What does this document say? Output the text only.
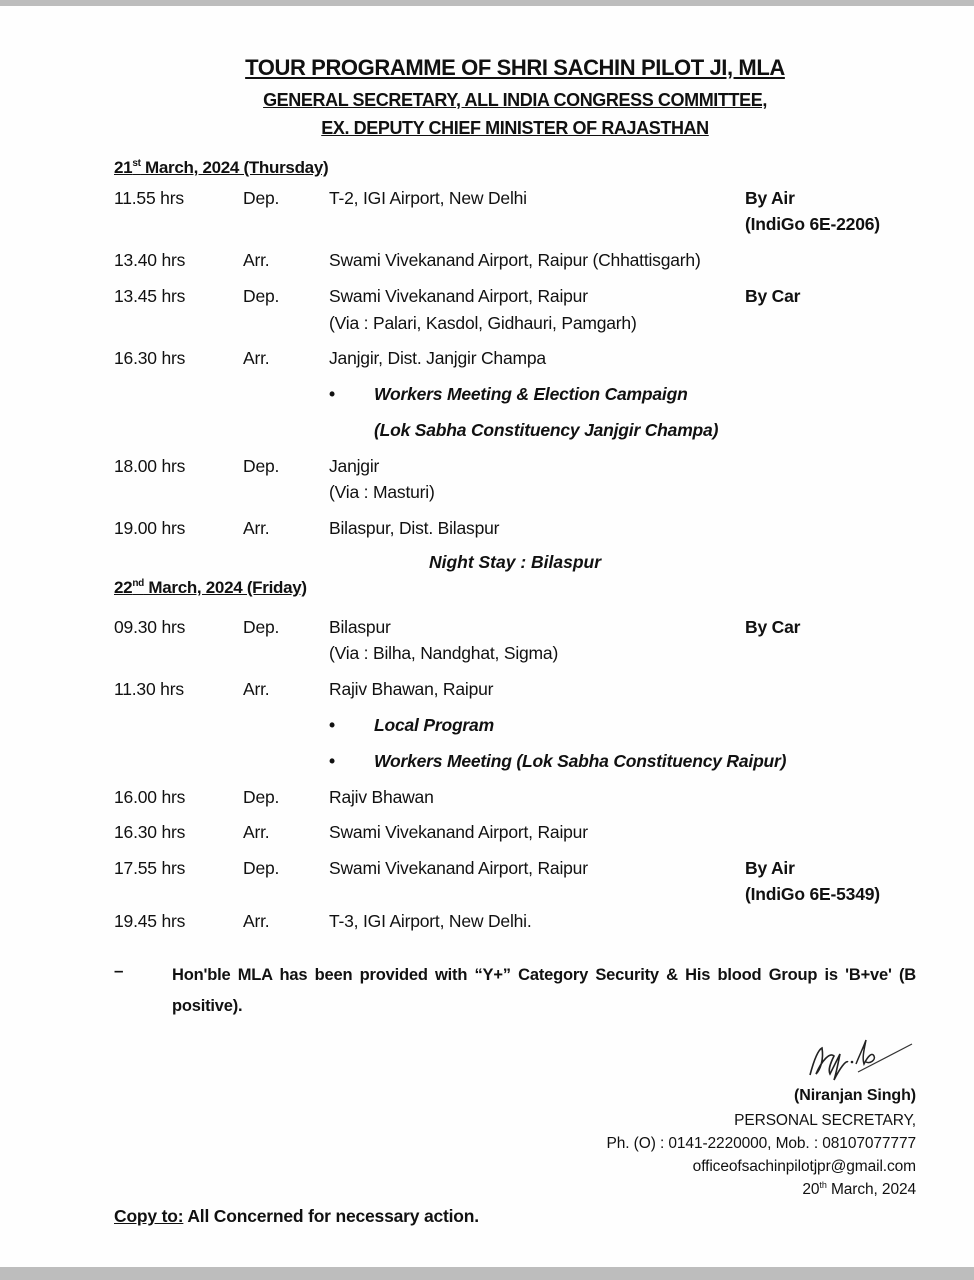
TOUR PROGRAMME OF SHRI SACHIN PILOT JI, MLA
GENERAL SECRETARY, ALL INDIA CONGRESS COMMITTEE,
EX. DEPUTY CHIEF MINISTER OF RAJASTHAN
21st March, 2024 (Thursday)
11.55 hrs	Dep.	T-2, IGI Airport, New Delhi	By Air
(IndiGo 6E-2206)
13.40 hrs	Arr.	Swami Vivekanand Airport, Raipur (Chhattisgarh)
13.45 hrs	Dep.	Swami Vivekanand Airport, Raipur	By Car
(Via : Palari, Kasdol, Gidhauri, Pamgarh)
16.30 hrs	Arr.	Janjgir, Dist. Janjgir Champa
• Workers Meeting & Election Campaign
(Lok Sabha Constituency Janjgir Champa)
18.00 hrs	Dep.	Janjgir
(Via : Masturi)
19.00 hrs	Arr.	Bilaspur, Dist. Bilaspur
Night Stay : Bilaspur
22nd March, 2024 (Friday)
09.30 hrs	Dep.	Bilaspur	By Car
(Via : Bilha, Nandghat, Sigma)
11.30 hrs	Arr.	Rajiv Bhawan, Raipur
• Local Program
• Workers Meeting (Lok Sabha Constituency Raipur)
16.00 hrs	Dep.	Rajiv Bhawan
16.30 hrs	Arr.	Swami Vivekanand Airport, Raipur
17.55 hrs	Dep.	Swami Vivekanand Airport, Raipur	By Air
(IndiGo 6E-5349)
19.45 hrs	Arr.	T-3, IGI Airport, New Delhi.
–	Hon'ble MLA has been provided with “Y+” Category Security & His blood Group is 'B+ve' (B positive).
(Niranjan Singh)
PERSONAL SECRETARY,
Ph. (O) : 0141-2220000, Mob. : 08107077777
officeofsachinpilotjpr@gmail.com
20th March, 2024
Copy to: All Concerned for necessary action.
